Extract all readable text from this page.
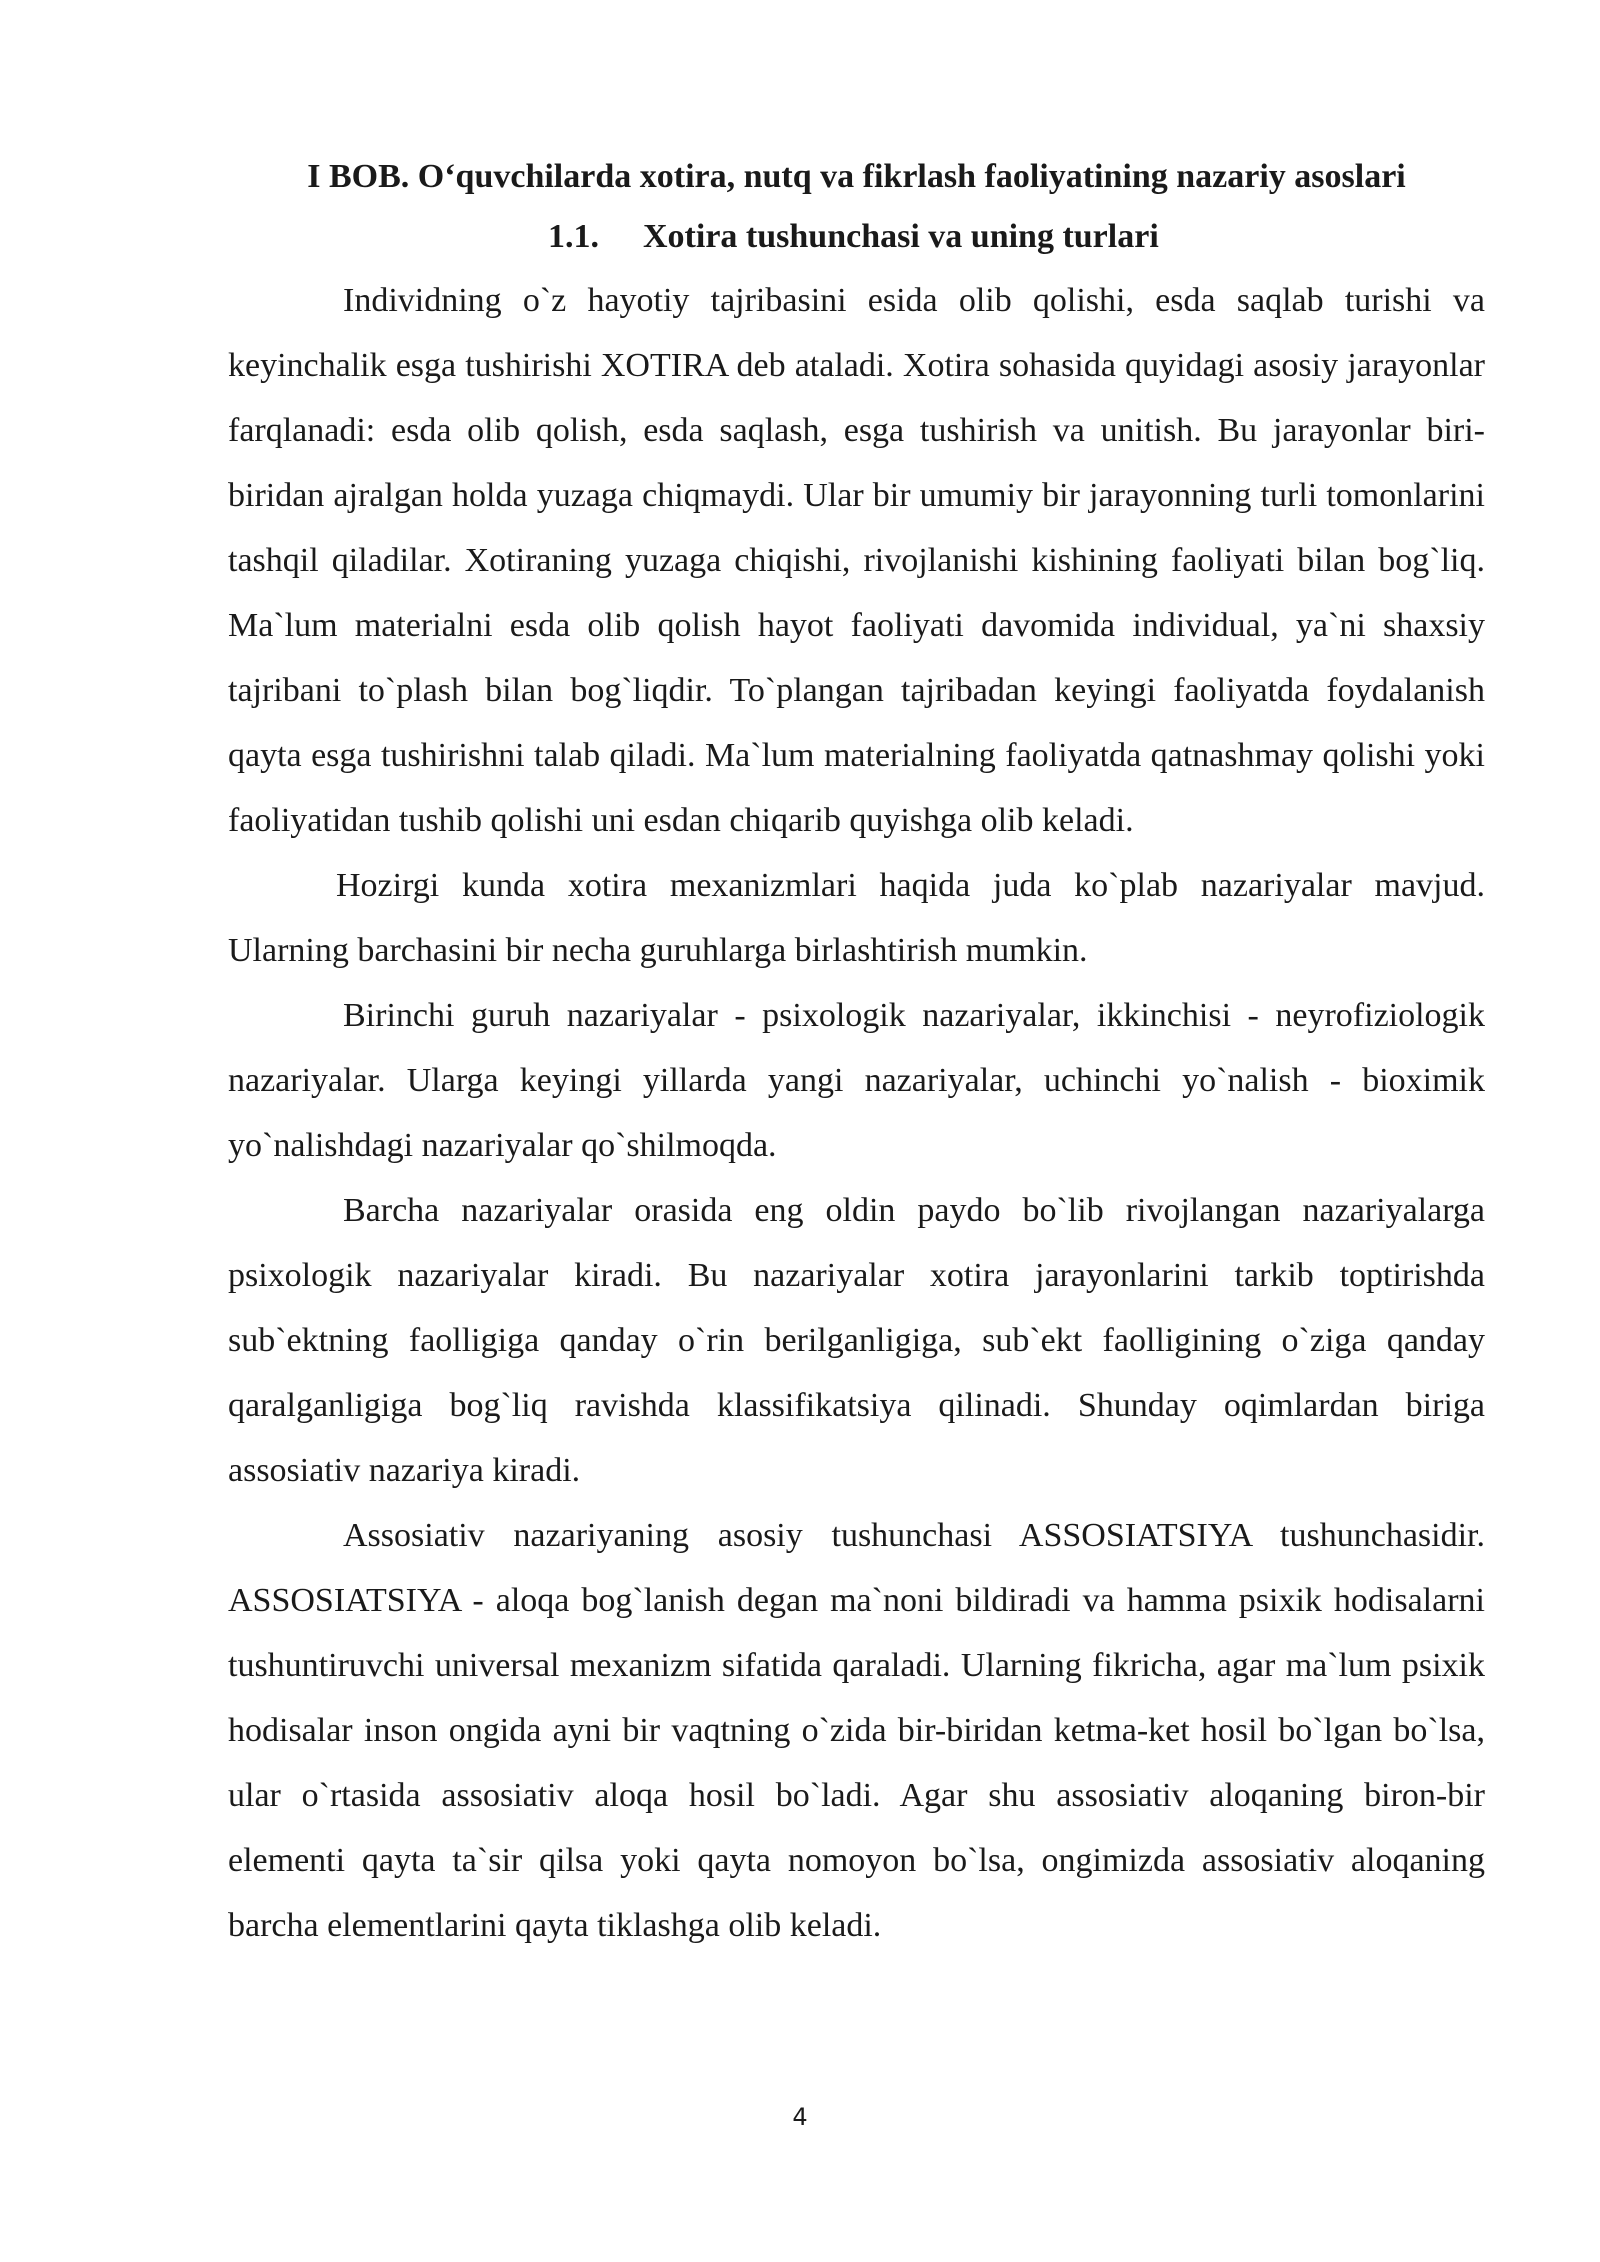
I BOB. O‘quvchilarda xotira, nutq va fikrlash faoliyatining nazariy asoslari
1.1. Xotira tushunchasi va uning turlari

Individning o`z hayotiy tajribasini esida olib qolishi, esda saqlab turishi va keyinchalik esga tushirishi XOTIRA deb ataladi. Xotira sohasida quyidagi asosiy jarayonlar farqlanadi: esda olib qolish, esda saqlash, esga tushirish va unitish. Bu jarayonlar biri-biridan ajralgan holda yuzaga chiqmaydi. Ular bir umumiy bir jarayonning turli tomonlarini tashqil qiladilar. Xotiraning yuzaga chiqishi, rivojlanishi kishining faoliyati bilan bog`liq. Ma`lum materialni esda olib qolish hayot faoliyati davomida individual, ya`ni shaxsiy tajribani to`plash bilan bog`liqdir. To`plangan tajribadan keyingi faoliyatda foydalanish qayta esga tushirishni talab qiladi. Ma`lum materialning faoliyatda qatnashmay qolishi yoki faoliyatidan tushib qolishi uni esdan chiqarib quyishga olib keladi.

Hozirgi kunda xotira mexanizmlari haqida juda ko`plab nazariyalar mavjud. Ularning barchasini bir necha guruhlarga birlashtirish mumkin.

Birinchi guruh nazariyalar - psixologik nazariyalar, ikkinchisi - neyrofiziologik nazariyalar. Ularga keyingi yillarda yangi nazariyalar, uchinchi yo`nalish - bioximik yo`nalishdagi nazariyalar qo`shilmoqda.

Barcha nazariyalar orasida eng oldin paydo bo`lib rivojlangan nazariyalarga psixologik nazariyalar kiradi. Bu nazariyalar xotira jarayonlarini tarkib toptirishda sub`ektning faolligiga qanday o`rin berilganligiga, sub`ekt faolligining o`ziga qanday qaralganligiga bog`liq ravishda klassifikatsiya qilinadi. Shunday oqimlardan biriga assosiativ nazariya kiradi.

Assosiativ nazariyaning asosiy tushunchasi ASSOSIATSIYA tushunchasidir. ASSOSIATSIYA - aloqa bog`lanish degan ma`noni bildiradi va hamma psixik hodisalarni tushuntiruvchi universal mexanizm sifatida qaraladi. Ularning fikricha, agar ma`lum psixik hodisalar inson ongida ayni bir vaqtning o`zida bir-biridan ketma-ket hosil bo`lgan bo`lsa, ular o`rtasida assosiativ aloqa hosil bo`ladi. Agar shu assosiativ aloqaning biron-bir elementi qayta ta`sir qilsa yoki qayta nomoyon bo`lsa, ongimizda assosiativ aloqaning barcha elementlarini qayta tiklashga olib keladi.

4
